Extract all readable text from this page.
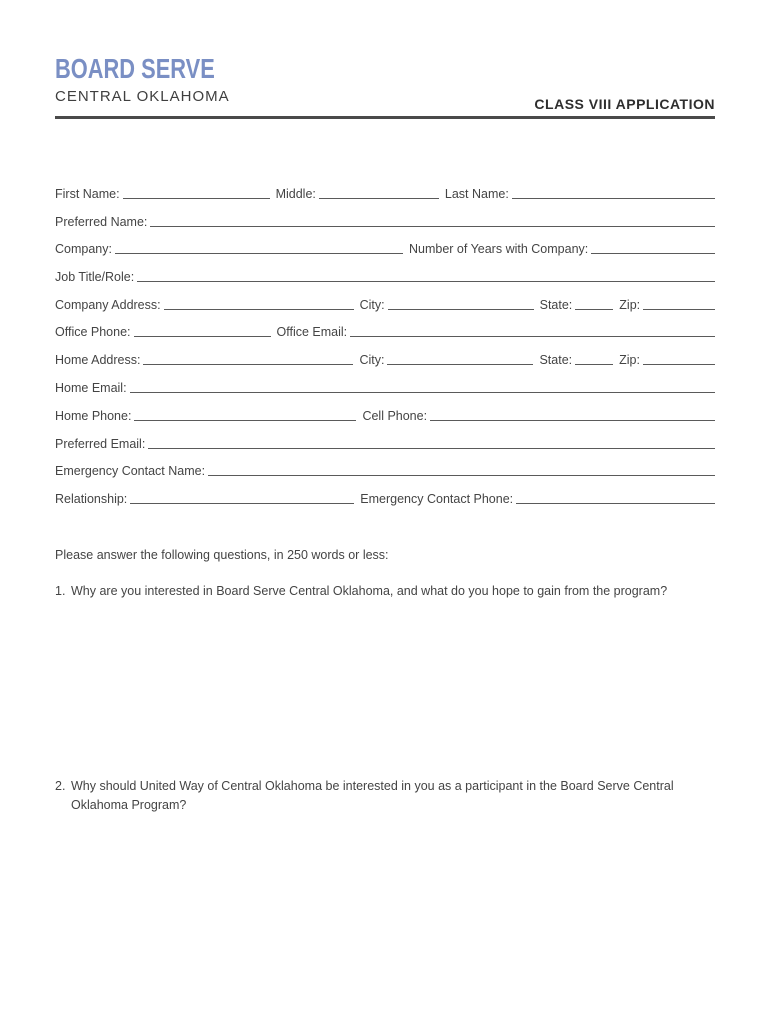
BOARD SERVE
CENTRAL OKLAHOMA	CLASS VIII APPLICATION
First Name:	Middle:	Last Name:
Preferred Name:
Company:	Number of Years with Company:
Job Title/Role:
Company Address:	City:	State:	Zip:
Office Phone:	Office Email:
Home Address:	City:	State:	Zip:
Home Email:
Home Phone:	Cell Phone:
Preferred Email:
Emergency Contact Name:
Relationship:	Emergency Contact Phone:
Please answer the following questions, in 250 words or less:
1. Why are you interested in Board Serve Central Oklahoma, and what do you hope to gain from the program?
2. Why should United Way of Central Oklahoma be interested in you as a participant in the Board Serve Central Oklahoma Program?
